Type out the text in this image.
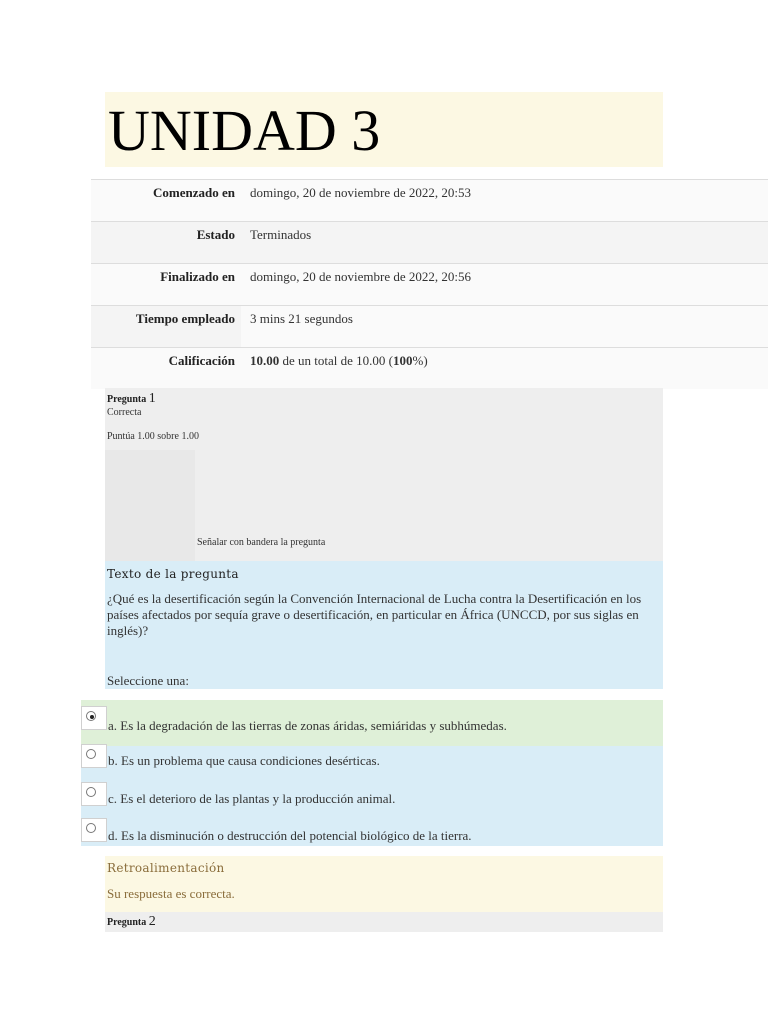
UNIDAD 3
Comenzado en domingo, 20 de noviembre de 2022, 20:53
Estado Terminados
Finalizado en domingo, 20 de noviembre de 2022, 20:56
Tiempo empleado 3 mins 21 segundos
Calificación 10.00 de un total de 10.00 (100%)
Pregunta 1
Correcta
Puntúa 1.00 sobre 1.00
Señalar con bandera la pregunta
Texto de la pregunta
¿Qué es la desertificación según la Convención Internacional de Lucha contra la Desertificación en los países afectados por sequía grave o desertificación, en particular en África (UNCCD, por sus siglas en inglés)?
Seleccione una:
a. Es la degradación de las tierras de zonas áridas, semiáridas y subhúmedas.
b. Es un problema que causa condiciones desérticas.
c. Es el deterioro de las plantas y la producción animal.
d. Es la disminución o destrucción del potencial biológico de la tierra.
Retroalimentación
Su respuesta es correcta.
Pregunta 2
